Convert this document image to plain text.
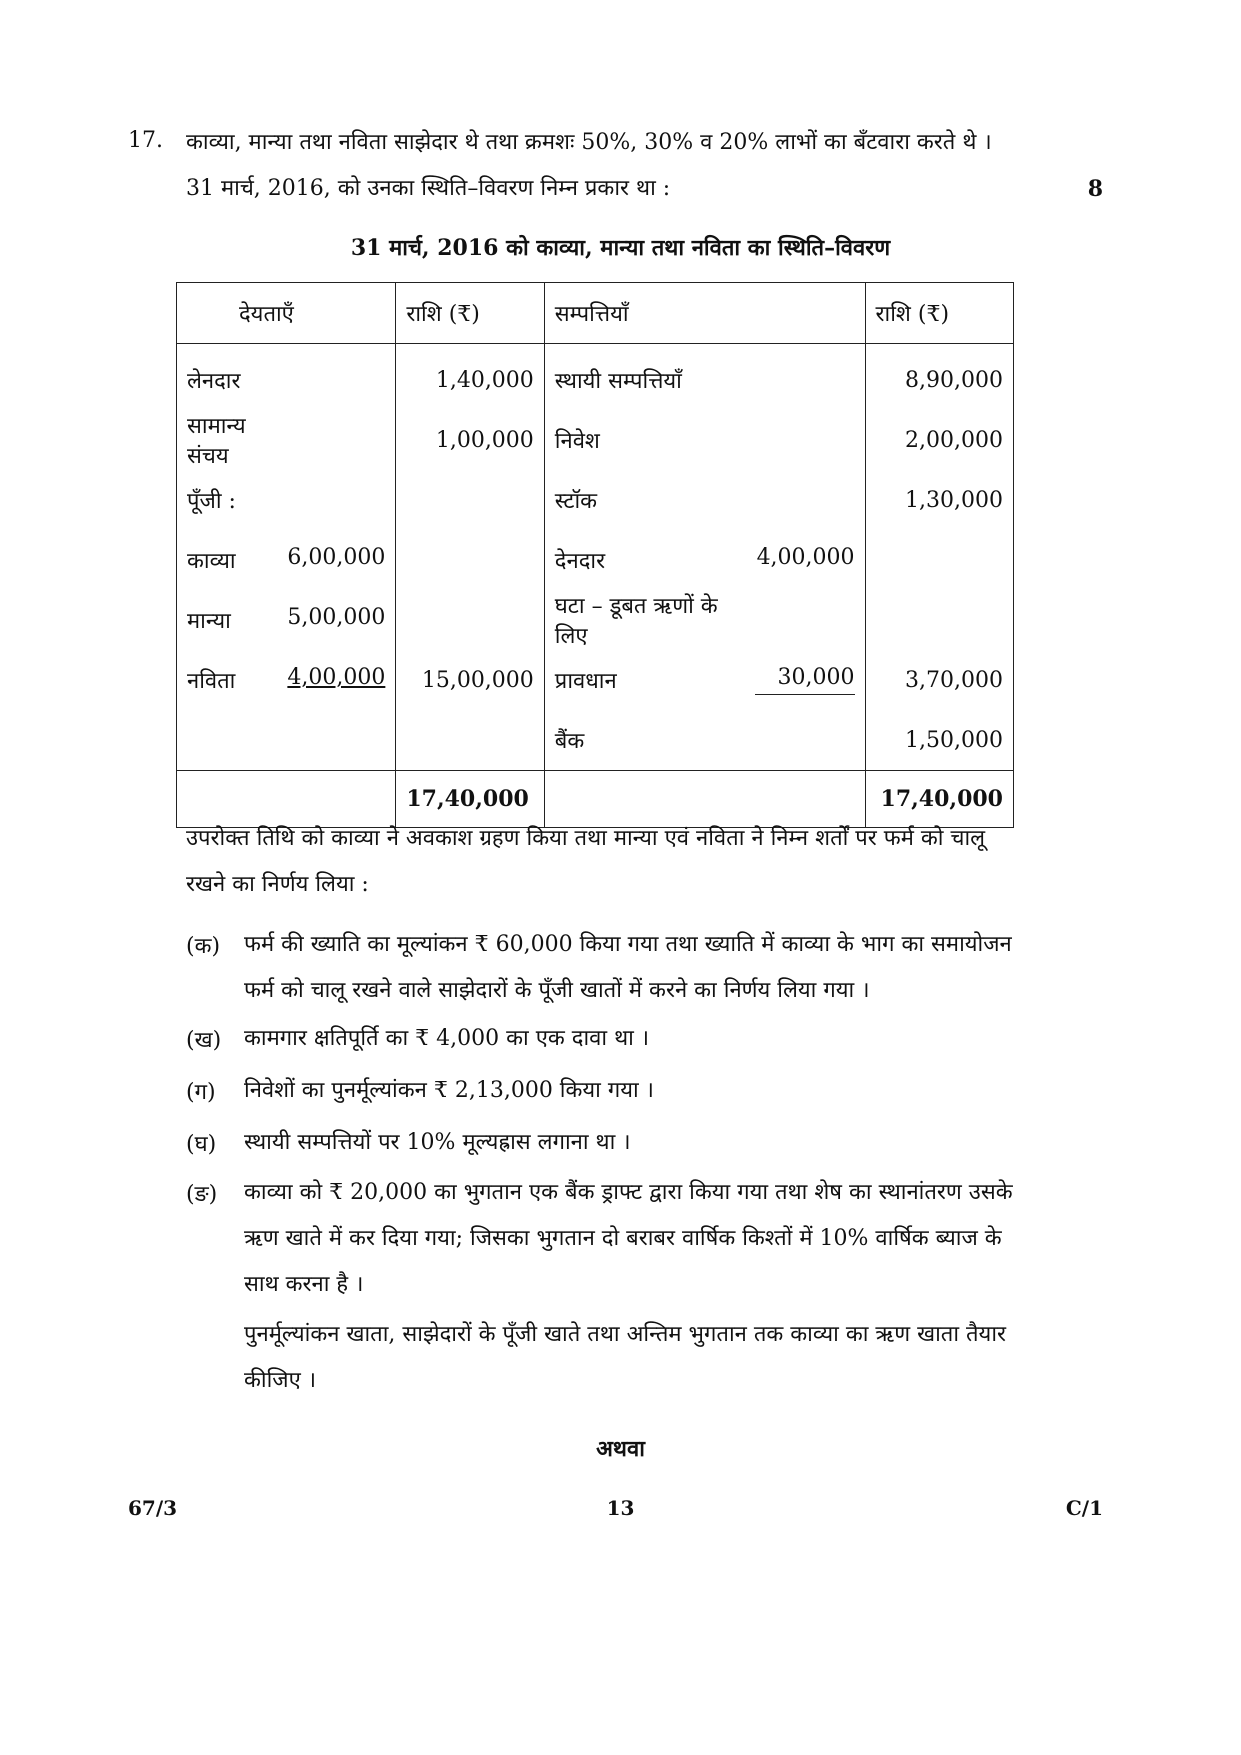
17. काव्या, मान्या तथा नविता साझेदार थे तथा क्रमशः 50%, 30% व 20% लाभों का बँटवारा करते थे ।
31 मार्च, 2016, को उनका स्थिति–विवरण निम्न प्रकार था :	8
31 मार्च, 2016 को काव्या, मान्या तथा नविता का स्थिति–विवरण
देयताएँ	राशि (₹)	सम्पत्तियाँ	राशि (₹)

लेनदार	1,40,000	स्थायी सम्पत्तियाँ	8,90,000

सामान्य संचय	1,00,000	निवेश	2,00,000

पूँजी :		स्टॉक	1,30,000

काव्या 6,00,000		देनदार 4,00,000	

मान्या 5,00,000		घटा – डूबत ऋणों के लिए	

नविता 4,00,000	15,00,000	प्रावधान 30,000	3,70,000

		बैंक	1,50,000
	17,40,000		17,40,000
उपरोक्त तिथि को काव्या ने अवकाश ग्रहण किया तथा मान्या एवं नविता ने निम्न शर्तों पर फर्म को चालू
रखने का निर्णय लिया :
(क) फर्म की ख्याति का मूल्यांकन ₹ 60,000 किया गया तथा ख्याति में काव्या के भाग का समायोजन
फर्म को चालू रखने वाले साझेदारों के पूँजी खातों में करने का निर्णय लिया गया ।
(ख) कामगार क्षतिपूर्ति का ₹ 4,000 का एक दावा था ।
(ग) निवेशों का पुनर्मूल्यांकन ₹ 2,13,000 किया गया ।
(घ) स्थायी सम्पत्तियों पर 10% मूल्यह्रास लगाना था ।
(ङ) काव्या को ₹ 20,000 का भुगतान एक बैंक ड्राफ्ट द्वारा किया गया तथा शेष का स्थानांतरण उसके
ऋण खाते में कर दिया गया; जिसका भुगतान दो बराबर वार्षिक किश्तों में 10% वार्षिक ब्याज के
साथ करना है ।
पुनर्मूल्यांकन खाता, साझेदारों के पूँजी खाते तथा अन्तिम भुगतान तक काव्या का ऋण खाता तैयार
कीजिए ।
अथवा
67/3	13	C/1
